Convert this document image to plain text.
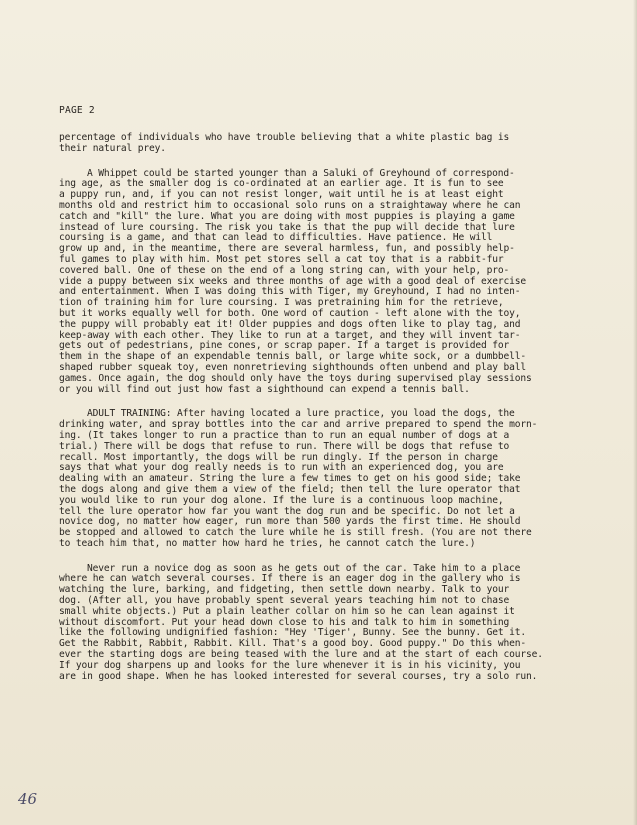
PAGE 2
percentage of individuals who have trouble believing that a white plastic bag is
their natural prey.
A Whippet could be started younger than a Saluki of Greyhound of correspond-
ing age, as the smaller dog is co-ordinated at an earlier age. It is fun to see
a puppy run, and, if you can not resist longer, wait until he is at least eight
months old and restrict him to occasional solo runs on a straightaway where he can
catch and "kill" the lure. What you are doing with most puppies is playing a game
instead of lure coursing. The risk you take is that the pup will decide that lure
coursing is a game, and that can lead to difficulties. Have patience. He will
grow up and, in the meantime, there are several harmless, fun, and possibly help-
ful games to play with him. Most pet stores sell a cat toy that is a rabbit-fur
covered ball. One of these on the end of a long string can, with your help, pro-
vide a puppy between six weeks and three months of age with a good deal of exercise
and entertainment. When I was doing this with Tiger, my Greyhound, I had no inten-
tion of training him for lure coursing. I was pretraining him for the retrieve,
but it works equally well for both. One word of caution - left alone with the toy,
the puppy will probably eat it! Older puppies and dogs often like to play tag, and
keep-away with each other. They like to run at a target, and they will invent tar-
gets out of pedestrians, pine cones, or scrap paper. If a target is provided for
them in the shape of an expendable tennis ball, or large white sock, or a dumbbell-
shaped rubber squeak toy, even nonretrieving sighthounds often unbend and play ball
games. Once again, the dog should only have the toys during supervised play sessions
or you will find out just how fast a sighthound can expend a tennis ball.
ADULT TRAINING: After having located a lure practice, you load the dogs, the
drinking water, and spray bottles into the car and arrive prepared to spend the morn-
ing. (It takes longer to run a practice than to run an equal number of dogs at a
trial.) There will be dogs that refuse to run. There will be dogs that refuse to
recall. Most importantly, the dogs will be run dingly. If the person in charge
says that what your dog really needs is to run with an experienced dog, you are
dealing with an amateur. String the lure a few times to get on his good side; take
the dogs along and give them a view of the field; then tell the lure operator that
you would like to run your dog alone. If the lure is a continuous loop machine,
tell the lure operator how far you want the dog run and be specific. Do not let a
novice dog, no matter how eager, run more than 500 yards the first time. He should
be stopped and allowed to catch the lure while he is still fresh. (You are not there
to teach him that, no matter how hard he tries, he cannot catch the lure.)
Never run a novice dog as soon as he gets out of the car. Take him to a place
where he can watch several courses. If there is an eager dog in the gallery who is
watching the lure, barking, and fidgeting, then settle down nearby. Talk to your
dog. (After all, you have probably spent several years teaching him not to chase
small white objects.) Put a plain leather collar on him so he can lean against it
without discomfort. Put your head down close to his and talk to him in something
like the following undignified fashion: "Hey 'Tiger', Bunny. See the bunny. Get it.
Get the Rabbit, Rabbit, Rabbit. Kill. That's a good boy. Good puppy." Do this when-
ever the starting dogs are being teased with the lure and at the start of each course.
If your dog sharpens up and looks for the lure whenever it is in his vicinity, you
are in good shape. When he has looked interested for several courses, try a solo run.
46
